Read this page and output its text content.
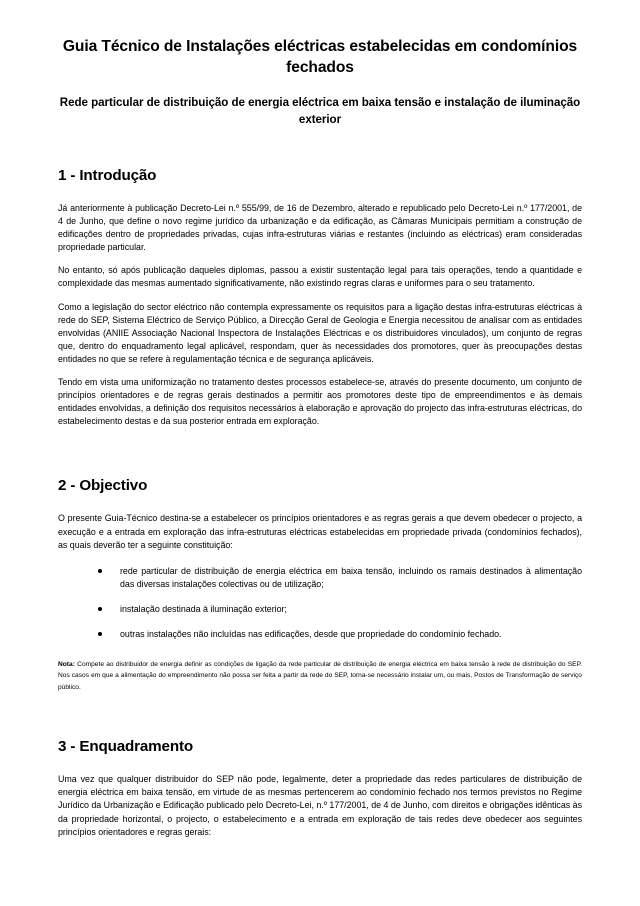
Guia Técnico de Instalações eléctricas estabelecidas em condomínios fechados
Rede particular de distribuição de energia eléctrica em baixa tensão e instalação de iluminação exterior
1 - Introdução

Já anteriormente à publicação Decreto-Lei n.º 555/99, de 16 de Dezembro, alterado e republicado pelo Decreto-Lei n.º 177/2001, de 4 de Junho, que define o novo regime jurídico da urbanização e da edificação, as Câmaras Municipais permitiam a construção de edificações dentro de propriedades privadas, cujas infra-estruturas viárias e restantes (incluindo as eléctricas) eram consideradas propriedade particular.

No entanto, só após publicação daqueles diplomas, passou a existir sustentação legal para tais operações, tendo a quantidade e complexidade das mesmas aumentado significativamente, não existindo regras claras e uniformes para o seu tratamento.

Como a legislação do sector eléctrico não contempla expressamente os requisitos para a ligação destas infra-estruturas eléctricas à rede do SEP, Sistema Eléctrico de Serviço Público, a Direcção Geral de Geologia e Energia necessitou de analisar com as entidades envolvidas (ANIIE Associação Nacional Inspectora de Instalações Eléctricas e os distribuidores vinculados), um conjunto de regras que, dentro do enquadramento legal aplicável, respondam, quer às necessidades dos promotores, quer às preocupações destas entidades no que se refere à regulamentação técnica e de segurança aplicáveis.

Tendo em vista uma uniformização no tratamento destes processos estabelece-se, através do presente documento, um conjunto de princípios orientadores e de regras gerais destinados a permitir aos promotores deste tipo de empreendimentos e às demais entidades envolvidas, a definição dos requisitos necessários à elaboração e aprovação do projecto das infra-estruturas eléctricas, do estabelecimento destas e da sua posterior entrada em exploração.

2 - Objectivo

O presente Guia-Técnico destina-se a estabelecer os princípios orientadores e as regras gerais a que devem obedecer o projecto, a execução e a entrada em exploração das infra-estruturas eléctricas estabelecidas em propriedade privada (condomínios fechados), as quais deverão ter a seguinte constituição:

rede particular de distribuição de energia eléctrica em baixa tensão, incluindo os ramais destinados à alimentação das diversas instalações colectivas ou de utilização;
instalação destinada à iluminação exterior;
outras instalações não incluídas nas edificações, desde que propriedade do condomínio fechado.

Nota: Compete ao distribuidor de energia definir as condições de ligação da rede particular de distribuição de energia eléctrica em baixa tensão à rede de distribuição do SEP. Nos casos em que a alimentação do empreendimento não possa ser feita a partir da rede do SEP, torna-se necessário instalar um, ou mais, Postos de Transformação de serviço público.

3 - Enquadramento

Uma vez que qualquer distribuidor do SEP não pode, legalmente, deter a propriedade das redes particulares de distribuição de energia eléctrica em baixa tensão, em virtude de as mesmas pertencerem ao condomínio fechado nos termos previstos no Regime Jurídico da Urbanização e Edificação publicado pelo Decreto-Lei, n.º 177/2001, de 4 de Junho, com direitos e obrigações idênticas às da propriedade horizontal, o projecto, o estabelecimento e a entrada em exploração de tais redes deve obedecer aos seguintes princípios orientadores e regras gerais:
